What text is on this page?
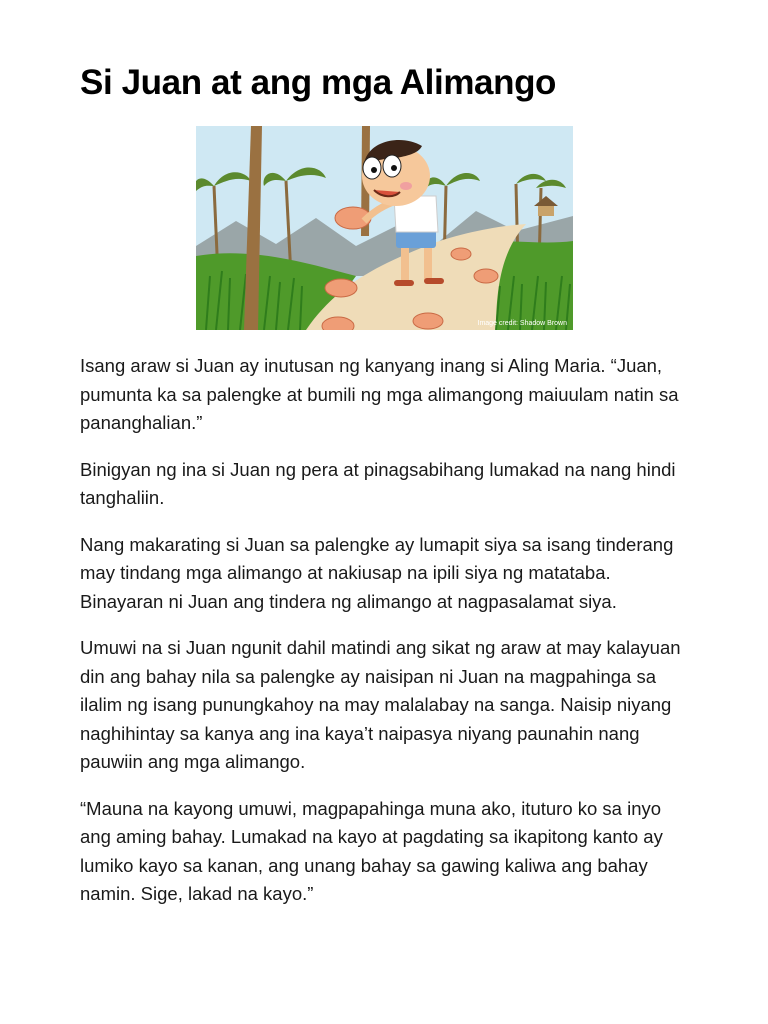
Si Juan at ang mga Alimango
Image credit: Shadow Brown

Isang araw si Juan ay inutusan ng kanyang inang si Aling Maria. “Juan, pumunta ka sa palengke at bumili ng mga alimangong maiuulam natin sa pananghalian.”

Binigyan ng ina si Juan ng pera at pinagsabihang lumakad na nang hindi tanghaliin.

Nang makarating si Juan sa palengke ay lumapit siya sa isang tinderang may tindang mga alimango at nakiusap na ipili siya ng matataba. Binayaran ni Juan ang tindera ng alimango at nagpasalamat siya.

Umuwi na si Juan ngunit dahil matindi ang sikat ng araw at may kalayuan din ang bahay nila sa palengke ay naisipan ni Juan na magpahinga sa ilalim ng isang punungkahoy na may malalabay na sanga. Naisip niyang naghihintay sa kanya ang ina kaya’t naipasya niyang paunahin nang pauwiin ang mga alimango.

“Mauna na kayong umuwi, magpapahinga muna ako, ituturo ko sa inyo ang aming bahay. Lumakad na kayo at pagdating sa ikapitong kanto ay lumiko kayo sa kanan, ang unang bahay sa gawing kaliwa ang bahay namin. Sige, lakad na kayo.”
